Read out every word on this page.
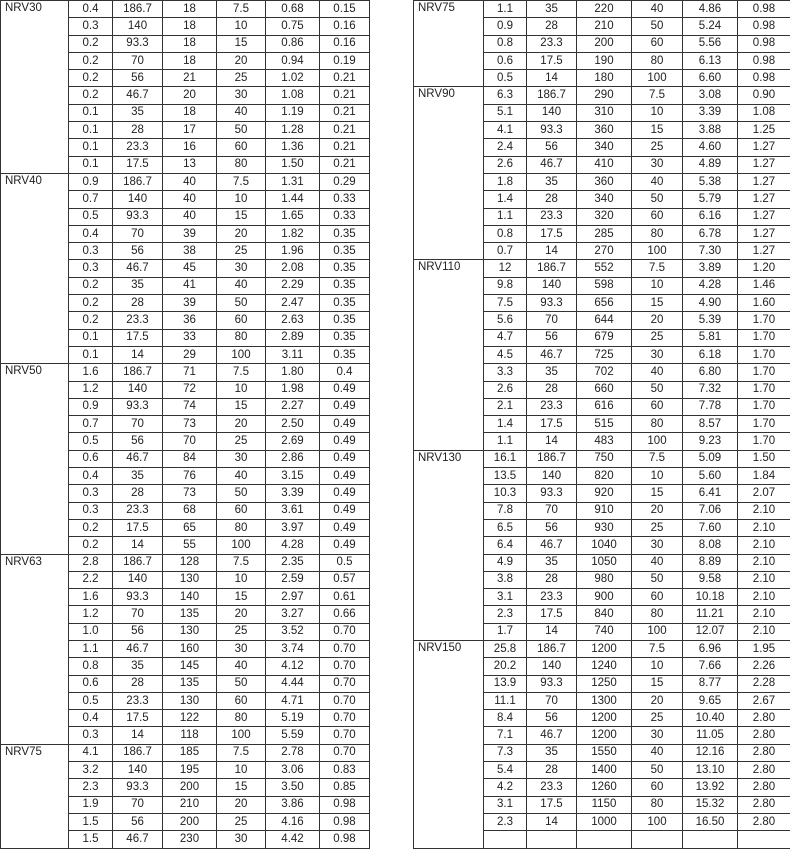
NRV30	0.4	186.7	18	7.5	0.68	0.15
	0.3	140	18	10	0.75	0.16
	0.2	93.3	18	15	0.86	0.16
	0.2	70	18	20	0.94	0.19
	0.2	56	21	25	1.02	0.21
	0.2	46.7	20	30	1.08	0.21
	0.1	35	18	40	1.19	0.21
	0.1	28	17	50	1.28	0.21
	0.1	23.3	16	60	1.36	0.21
	0.1	17.5	13	80	1.50	0.21
NRV40	0.9	186.7	40	7.5	1.31	0.29
	0.7	140	40	10	1.44	0.33
	0.5	93.3	40	15	1.65	0.33
	0.4	70	39	20	1.82	0.35
	0.3	56	38	25	1.96	0.35
	0.3	46.7	45	30	2.08	0.35
	0.2	35	41	40	2.29	0.35
	0.2	28	39	50	2.47	0.35
	0.2	23.3	36	60	2.63	0.35
	0.1	17.5	33	80	2.89	0.35
	0.1	14	29	100	3.11	0.35
NRV50	1.6	186.7	71	7.5	1.80	0.4
	1.2	140	72	10	1.98	0.49
	0.9	93.3	74	15	2.27	0.49
	0.7	70	73	20	2.50	0.49
	0.5	56	70	25	2.69	0.49
	0.6	46.7	84	30	2.86	0.49
	0.4	35	76	40	3.15	0.49
	0.3	28	73	50	3.39	0.49
	0.3	23.3	68	60	3.61	0.49
	0.2	17.5	65	80	3.97	0.49
	0.2	14	55	100	4.28	0.49
NRV63	2.8	186.7	128	7.5	2.35	0.5
	2.2	140	130	10	2.59	0.57
	1.6	93.3	140	15	2.97	0.61
	1.2	70	135	20	3.27	0.66
	1.0	56	130	25	3.52	0.70
	1.1	46.7	160	30	3.74	0.70
	0.8	35	145	40	4.12	0.70
	0.6	28	135	50	4.44	0.70
	0.5	23.3	130	60	4.71	0.70
	0.4	17.5	122	80	5.19	0.70
	0.3	14	118	100	5.59	0.70
NRV75	4.1	186.7	185	7.5	2.78	0.70
	3.2	140	195	10	3.06	0.83
	2.3	93.3	200	15	3.50	0.85
	1.9	70	210	20	3.86	0.98
	1.5	56	200	25	4.16	0.98
	1.5	46.7	230	30	4.42	0.98
NRV75	1.1	35	220	40	4.86	0.98
	0.9	28	210	50	5.24	0.98
	0.8	23.3	200	60	5.56	0.98
	0.6	17.5	190	80	6.13	0.98
	0.5	14	180	100	6.60	0.98
NRV90	6.3	186.7	290	7.5	3.08	0.90
	5.1	140	310	10	3.39	1.08
	4.1	93.3	360	15	3.88	1.25
	2.4	56	340	25	4.60	1.27
	2.6	46.7	410	30	4.89	1.27
	1.8	35	360	40	5.38	1.27
	1.4	28	340	50	5.79	1.27
	1.1	23.3	320	60	6.16	1.27
	0.8	17.5	285	80	6.78	1.27
	0.7	14	270	100	7.30	1.27
NRV110	12	186.7	552	7.5	3.89	1.20
	9.8	140	598	10	4.28	1.46
	7.5	93.3	656	15	4.90	1.60
	5.6	70	644	20	5.39	1.70
	4.7	56	679	25	5.81	1.70
	4.5	46.7	725	30	6.18	1.70
	3.3	35	702	40	6.80	1.70
	2.6	28	660	50	7.32	1.70
	2.1	23.3	616	60	7.78	1.70
	1.4	17.5	515	80	8.57	1.70
	1.1	14	483	100	9.23	1.70
NRV130	16.1	186.7	750	7.5	5.09	1.50
	13.5	140	820	10	5.60	1.84
	10.3	93.3	920	15	6.41	2.07
	7.8	70	910	20	7.06	2.10
	6.5	56	930	25	7.60	2.10
	6.4	46.7	1040	30	8.08	2.10
	4.9	35	1050	40	8.89	2.10
	3.8	28	980	50	9.58	2.10
	3.1	23.3	900	60	10.18	2.10
	2.3	17.5	840	80	11.21	2.10
	1.7	14	740	100	12.07	2.10
NRV150	25.8	186.7	1200	7.5	6.96	1.95
	20.2	140	1240	10	7.66	2.26
	13.9	93.3	1250	15	8.77	2.28
	11.1	70	1300	20	9.65	2.67
	8.4	56	1200	25	10.40	2.80
	7.1	46.7	1200	30	11.05	2.80
	7.3	35	1550	40	12.16	2.80
	5.4	28	1400	50	13.10	2.80
	4.2	23.3	1260	60	13.92	2.80
	3.1	17.5	1150	80	15.32	2.80
	2.3	14	1000	100	16.50	2.80
